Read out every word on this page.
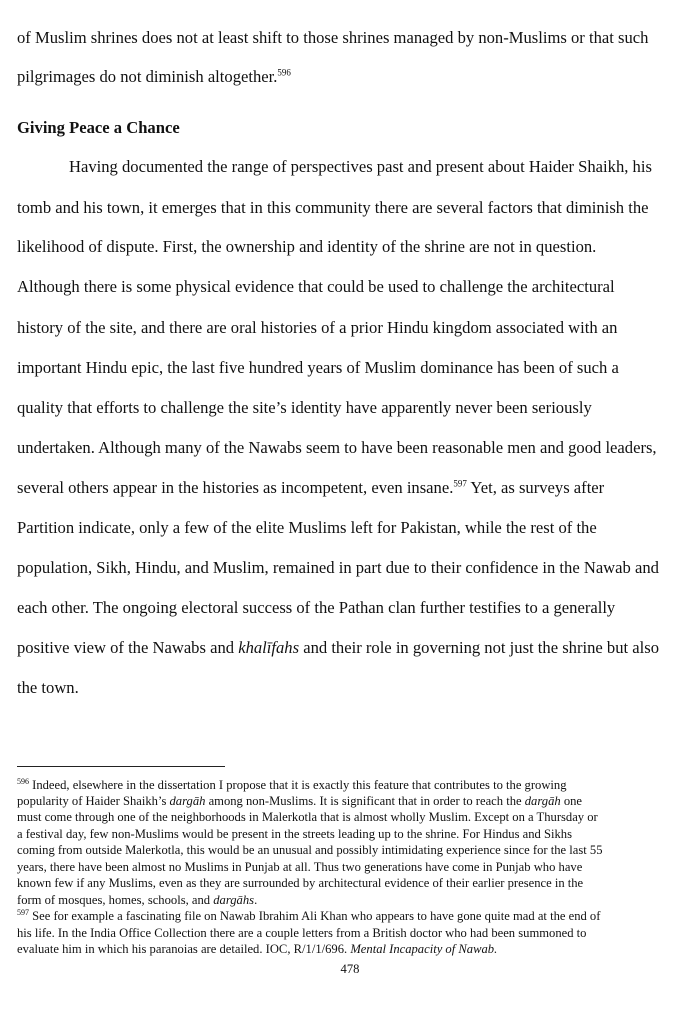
of Muslim shrines does not at least shift to those shrines managed by non-Muslims or that such
pilgrimages do not diminish altogether.$^{596}$
Giving Peace a Chance
Having documented the range of perspectives past and present about Haider Shaikh, his
tomb and his town, it emerges that in this community there are several factors that diminish the
likelihood of dispute. First, the ownership and identity of the shrine are not in question.
Although there is some physical evidence that could be used to challenge the architectural
history of the site, and there are oral histories of a prior Hindu kingdom associated with an
important Hindu epic, the last five hundred years of Muslim dominance has been of such a
quality that efforts to challenge the site’s identity have apparently never been seriously
undertaken. Although many of the Nawabs seem to have been reasonable men and good leaders,
several others appear in the histories as incompetent, even insane.$^{597}$ Yet, as surveys after
Partition indicate, only a few of the elite Muslims left for Pakistan, while the rest of the
population, Sikh, Hindu, and Muslim, remained in part due to their confidence in the Nawab and
each other. The ongoing electoral success of the Pathan clan further testifies to a generally
positive view of the Nawabs and khalīfahs and their role in governing not just the shrine but also
the town.
$^{596}$ Indeed, elsewhere in the dissertation I propose that it is exactly this feature that contributes to the growing
popularity of Haider Shaikh’s dargāh among non-Muslims. It is significant that in order to reach the dargāh one
must come through one of the neighborhoods in Malerkotla that is almost wholly Muslim. Except on a Thursday or
a festival day, few non-Muslims would be present in the streets leading up to the shrine. For Hindus and Sikhs
coming from outside Malerkotla, this would be an unusual and possibly intimidating experience since for the last 55
years, there have been almost no Muslims in Punjab at all. Thus two generations have come in Punjab who have
known few if any Muslims, even as they are surrounded by architectural evidence of their earlier presence in the
form of mosques, homes, schools, and dargāhs.
$^{597}$ See for example a fascinating file on Nawab Ibrahim Ali Khan who appears to have gone quite mad at the end of
his life. In the India Office Collection there are a couple letters from a British doctor who had been summoned to
evaluate him in which his paranoias are detailed. IOC, R/1/1/696. Mental Incapacity of Nawab.
478
